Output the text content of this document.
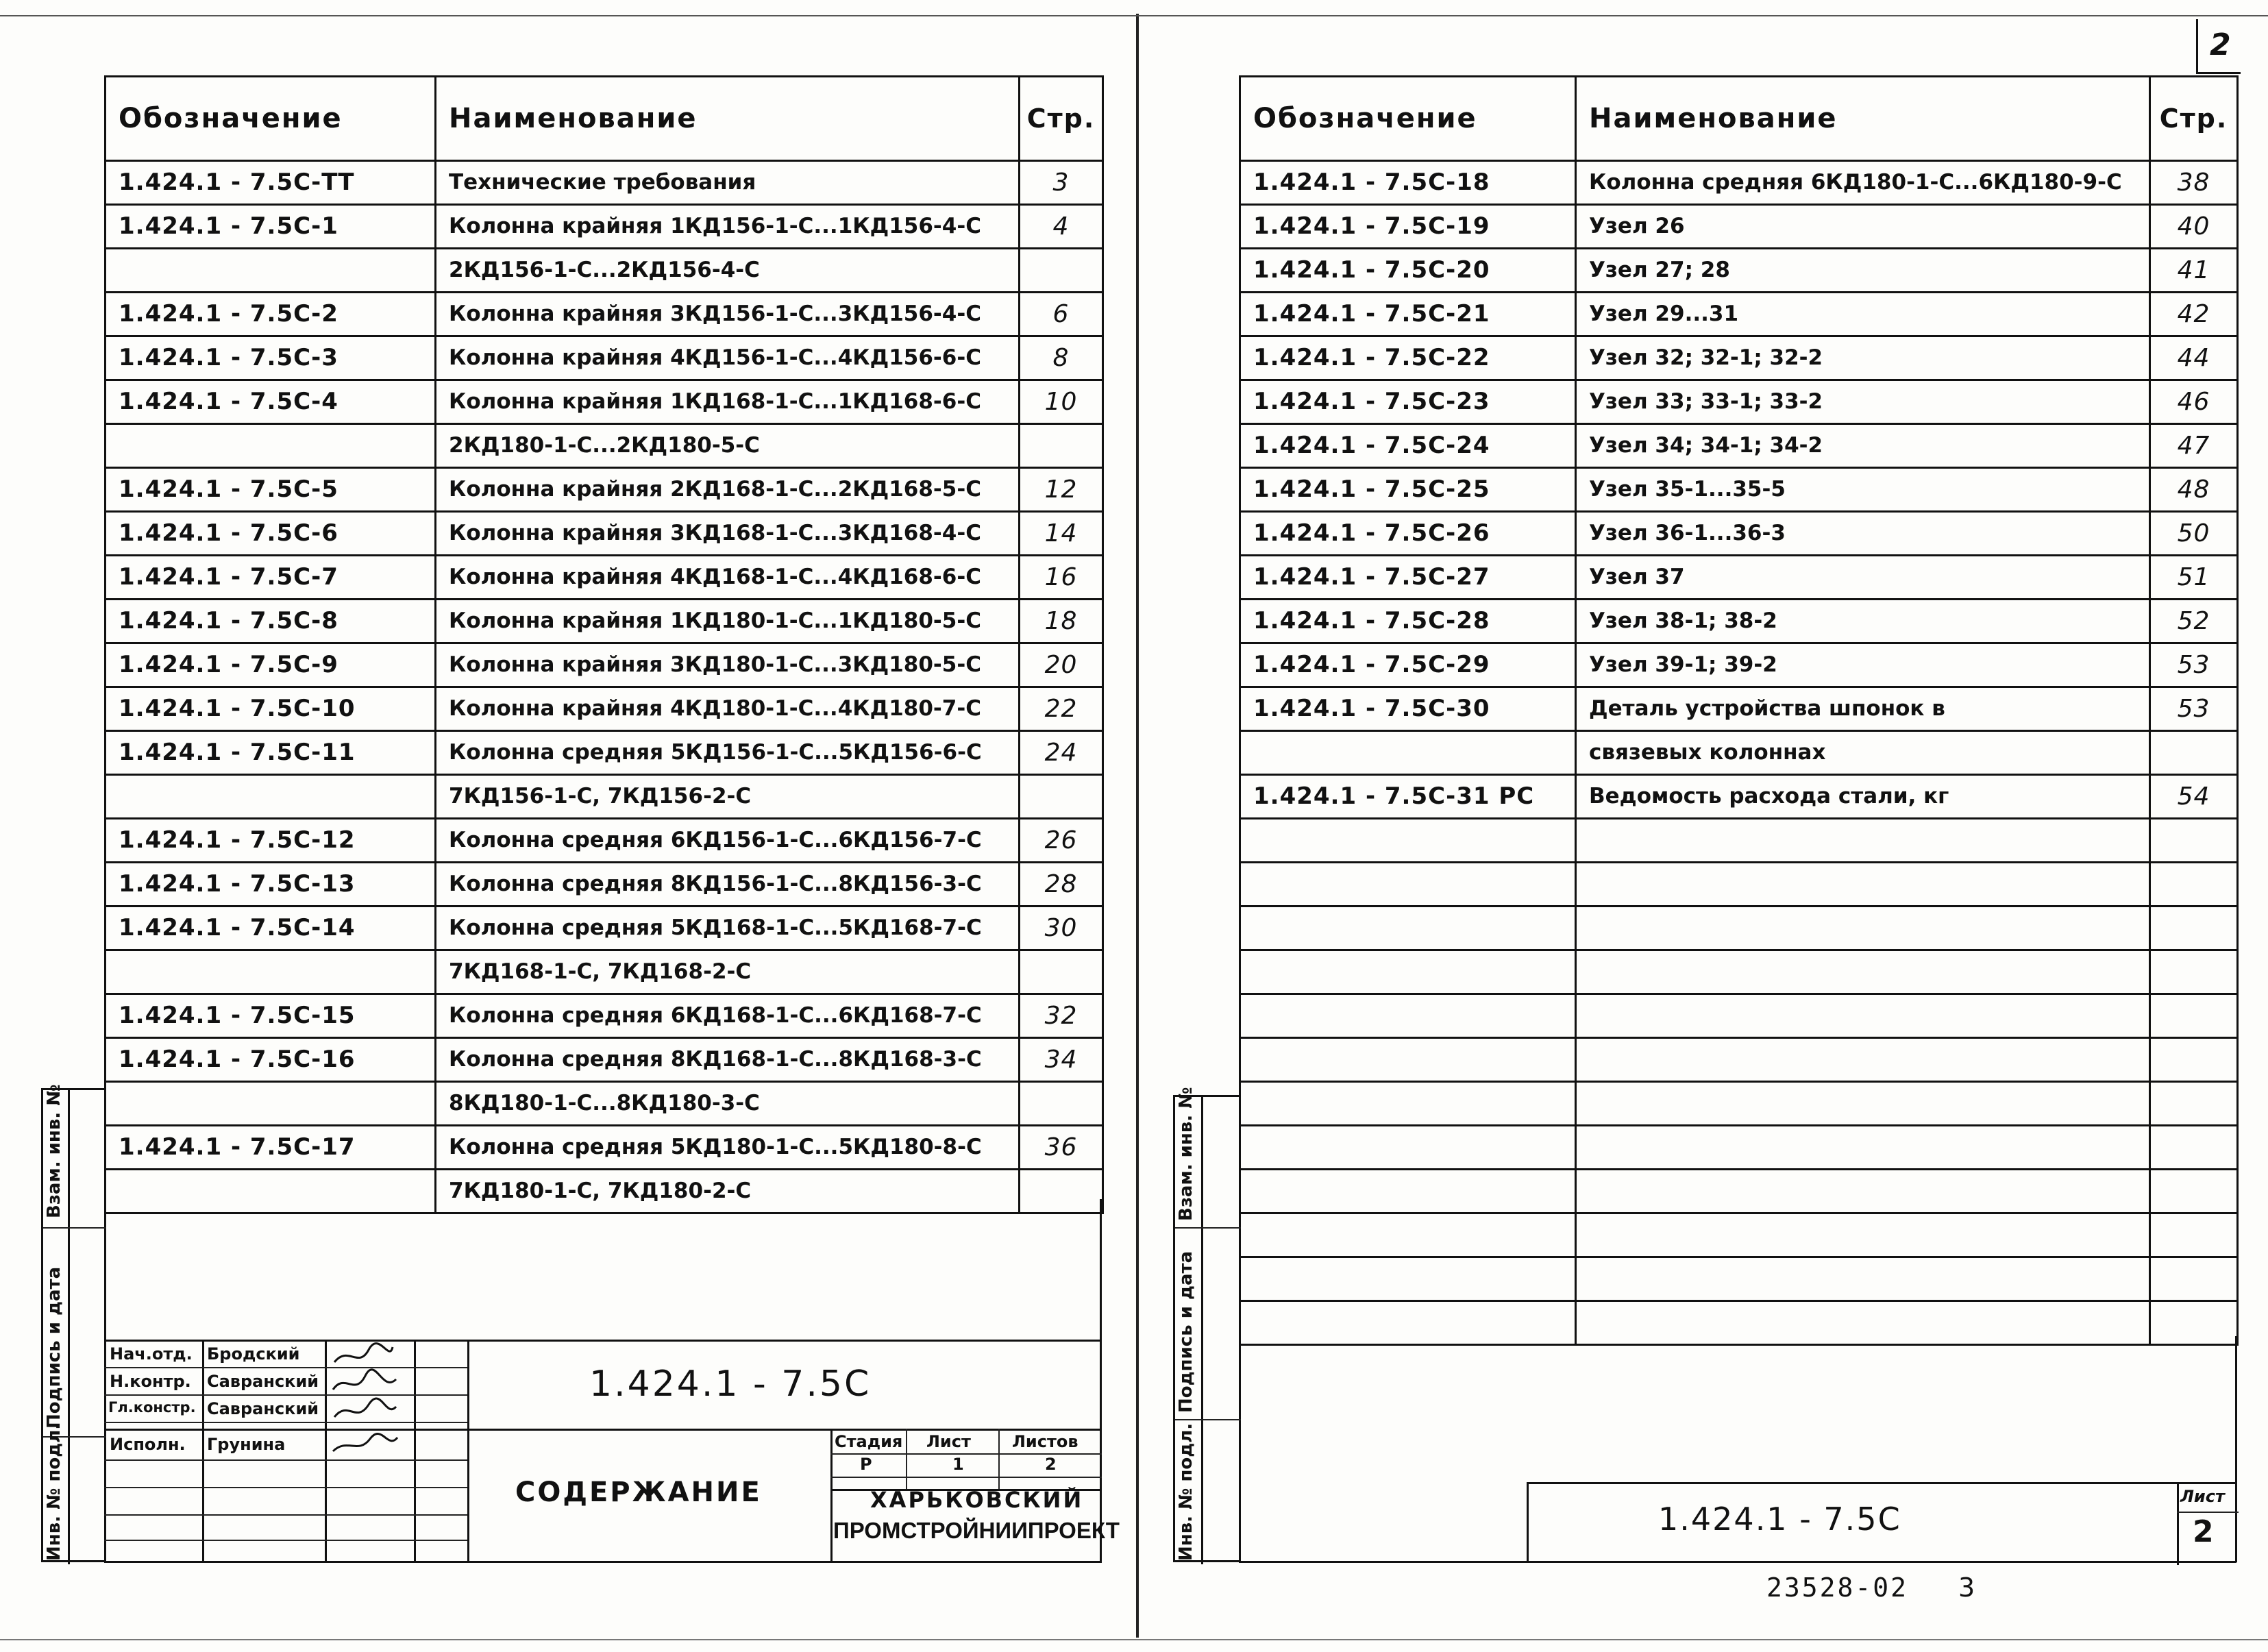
Обозначение	Наименование	Стр.
1.424.1 - 7.5С-ТТ	Технические требования	3
1.424.1 - 7.5С-1	Колонна крайняя 1КД156-1-С...1КД156-4-С	4
	2КД156-1-С...2КД156-4-С	
1.424.1 - 7.5С-2	Колонна крайняя 3КД156-1-С...3КД156-4-С	6
1.424.1 - 7.5С-3	Колонна крайняя 4КД156-1-С...4КД156-6-С	8
1.424.1 - 7.5С-4	Колонна крайняя 1КД168-1-С...1КД168-6-С	10
	2КД180-1-С...2КД180-5-С	
1.424.1 - 7.5С-5	Колонна крайняя 2КД168-1-С...2КД168-5-С	12
1.424.1 - 7.5С-6	Колонна крайняя 3КД168-1-С...3КД168-4-С	14
1.424.1 - 7.5С-7	Колонна крайняя 4КД168-1-С...4КД168-6-С	16
1.424.1 - 7.5С-8	Колонна крайняя 1КД180-1-С...1КД180-5-С	18
1.424.1 - 7.5С-9	Колонна крайняя 3КД180-1-С...3КД180-5-С	20
1.424.1 - 7.5С-10	Колонна крайняя 4КД180-1-С...4КД180-7-С	22
1.424.1 - 7.5С-11	Колонна средняя 5КД156-1-С...5КД156-6-С	24
	7КД156-1-С, 7КД156-2-С	
1.424.1 - 7.5С-12	Колонна средняя 6КД156-1-С...6КД156-7-С	26
1.424.1 - 7.5С-13	Колонна средняя 8КД156-1-С...8КД156-3-С	28
1.424.1 - 7.5С-14	Колонна средняя 5КД168-1-С...5КД168-7-С	30
	7КД168-1-С, 7КД168-2-С	
1.424.1 - 7.5С-15	Колонна средняя 6КД168-1-С...6КД168-7-С	32
1.424.1 - 7.5С-16	Колонна средняя 8КД168-1-С...8КД168-3-С	34
	8КД180-1-С...8КД180-3-С	
1.424.1 - 7.5С-17	Колонна средняя 5КД180-1-С...5КД180-8-С	36
	7КД180-1-С, 7КД180-2-С	
Инв. № подл.
Подпись и дата
Взам. инв. №
Нач.отд. Бродский
Н.контр. Савранский
Гл.констр. Савранский
Исполн. Грунина
1.424.1 - 7.5С
СОДЕРЖАНИЕ
Стадия Лист	Листов
Р	1	2
ХАРЬКОВСКИЙ
ПРОМСТРОЙНИИПРОЕКТ
2
Обозначение	Наименование	Стр.
1.424.1 - 7.5С-18	Колонна средняя 6КД180-1-С...6КД180-9-С	38
1.424.1 - 7.5С-19	Узел 26	40
1.424.1 - 7.5С-20	Узел 27; 28	41
1.424.1 - 7.5С-21	Узел 29...31	42
1.424.1 - 7.5С-22	Узел 32; 32-1; 32-2	44
1.424.1 - 7.5С-23	Узел 33; 33-1; 33-2	46
1.424.1 - 7.5С-24	Узел 34; 34-1; 34-2	47
1.424.1 - 7.5С-25	Узел 35-1...35-5	48
1.424.1 - 7.5С-26	Узел 36-1...36-3	50
1.424.1 - 7.5С-27	Узел 37	51
1.424.1 - 7.5С-28	Узел 38-1; 38-2	52
1.424.1 - 7.5С-29	Узел 39-1; 39-2	53
1.424.1 - 7.5С-30	Деталь устройства шпонок в	53
	связевых колоннах	
1.424.1 - 7.5С-31 РС	Ведомость расхода стали, кг	54

Инв. № подл.
Подпись и дата
Взам. инв. №
1.424.1 - 7.5С
Лист
2
23528-02 3
